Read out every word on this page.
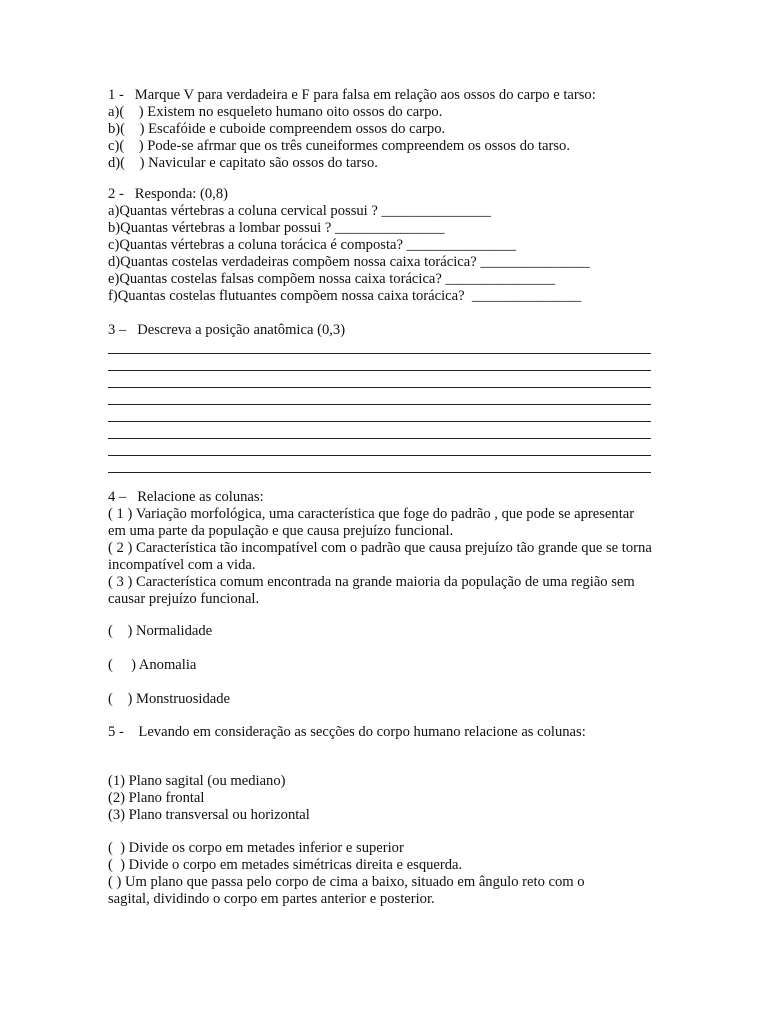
1 -   Marque V para verdadeira e F para falsa em relação aos ossos do carpo e tarso:
a)(    ) Existem no esqueleto humano oito ossos do carpo.
b)(    ) Escafóide e cuboide compreendem ossos do carpo.
c)(    ) Pode-se afrmar que os três cuneiformes compreendem os ossos do tarso.
d)(    ) Navicular e capitato são ossos do tarso.
2 -   Responda: (0,8)
a)Quantas vértebras a coluna cervical possui ? _______________
b)Quantas vértebras a lombar possui ? _______________
c)Quantas vértebras a coluna torácica é composta? _______________
d)Quantas costelas verdadeiras compõem nossa caixa torácica? _______________
e)Quantas costelas falsas compõem nossa caixa torácica? _______________
f)Quantas costelas flutuantes compõem nossa caixa torácica?  _______________
3 –   Descreva a posição anatômica (0,3)
4 –   Relacione as colunas:
( 1 ) Variação morfológica, uma característica que foge do padrão , que pode se apresentar em uma parte da população e que causa prejuízo funcional.
( 2 ) Característica tão incompatível com o padrão que causa prejuízo tão grande que se torna incompatível com a vida.
( 3 ) Característica comum encontrada na grande maioria da população de uma região sem causar prejuízo funcional.
(    ) Normalidade
(     ) Anomalia
(    ) Monstruosidade
5 -    Levando em consideração as secções do corpo humano relacione as colunas:
(1) Plano sagital (ou mediano)
(2) Plano frontal
(3) Plano transversal ou horizontal
(  ) Divide os corpo em metades inferior e superior
(  ) Divide o corpo em metades simétricas direita e esquerda.
( ) Um plano que passa pelo corpo de cima a baixo, situado em ângulo reto com o sagital, dividindo o corpo em partes anterior e posterior.
